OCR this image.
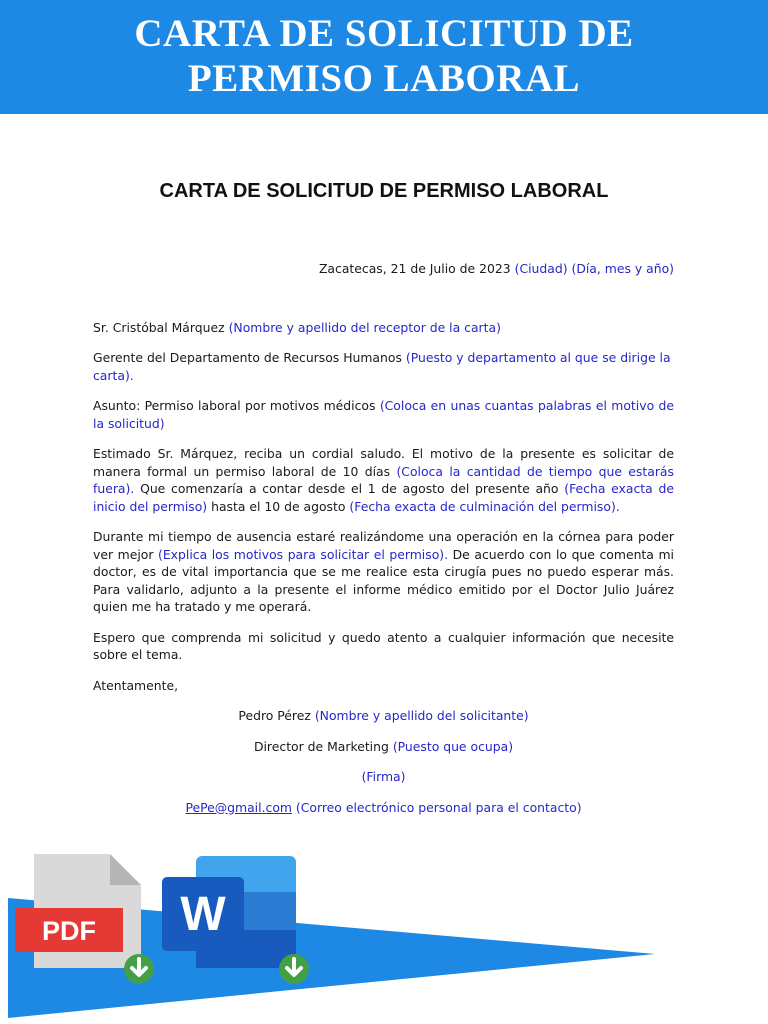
CARTA DE SOLICITUD DE
PERMISO LABORAL
CARTA DE SOLICITUD DE PERMISO LABORAL

Zacatecas, 21 de Julio de 2023 (Ciudad) (Día, mes y año)

Sr. Cristóbal Márquez (Nombre y apellido del receptor de la carta)

Gerente del Departamento de Recursos Humanos (Puesto y departamento al que se dirige la carta).

Asunto: Permiso laboral por motivos médicos (Coloca en unas cuantas palabras el motivo de la solicitud)

Estimado Sr. Márquez, reciba un cordial saludo. El motivo de la presente es solicitar de manera formal un permiso laboral de 10 días (Coloca la cantidad de tiempo que estarás fuera). Que comenzaría a contar desde el 1 de agosto del presente año (Fecha exacta de inicio del permiso) hasta el 10 de agosto (Fecha exacta de culminación del permiso).

Durante mi tiempo de ausencia estaré realizándome una operación en la córnea para poder ver mejor (Explica los motivos para solicitar el permiso). De acuerdo con lo que comenta mi doctor, es de vital importancia que se me realice esta cirugía pues no puedo esperar más. Para validarlo, adjunto a la presente el informe médico emitido por el Doctor Julio Juárez quien me ha tratado y me operará.

Espero que comprenda mi solicitud y quedo atento a cualquier información que necesite sobre el tema.

Atentamente,

Pedro Pérez (Nombre y apellido del solicitante)

Director de Marketing (Puesto que ocupa)

(Firma)

PePe@gmail.com (Correo electrónico personal para el contacto)

PDF W
